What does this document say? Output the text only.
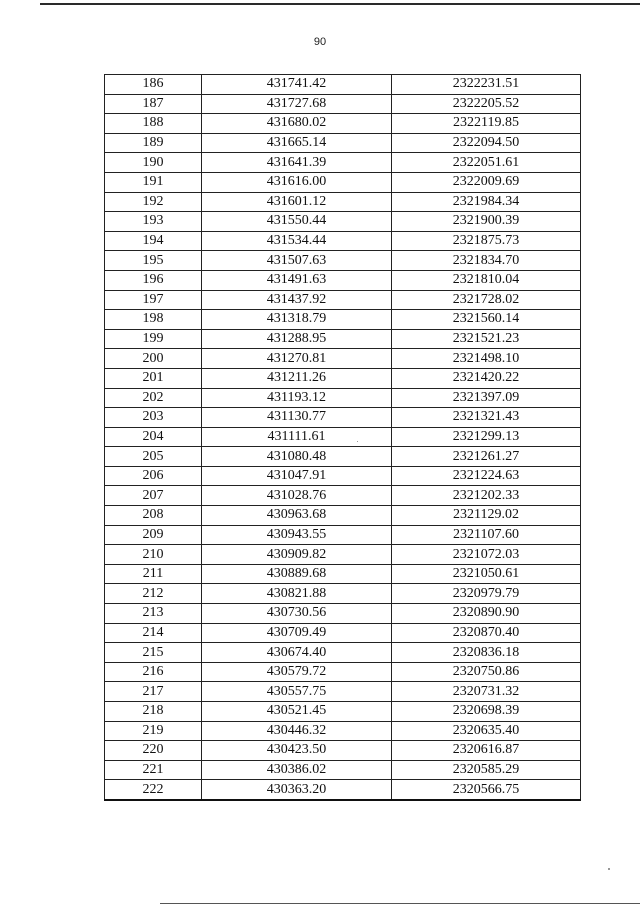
90
186	431741.42	2322231.51
187	431727.68	2322205.52
188	431680.02	2322119.85
189	431665.14	2322094.50
190	431641.39	2322051.61
191	431616.00	2322009.69
192	431601.12	2321984.34
193	431550.44	2321900.39
194	431534.44	2321875.73
195	431507.63	2321834.70
196	431491.63	2321810.04
197	431437.92	2321728.02
198	431318.79	2321560.14
199	431288.95	2321521.23
200	431270.81	2321498.10
201	431211.26	2321420.22
202	431193.12	2321397.09
203	431130.77	2321321.43
204	431111.61	2321299.13
205	431080.48	2321261.27
206	431047.91	2321224.63
207	431028.76	2321202.33
208	430963.68	2321129.02
209	430943.55	2321107.60
210	430909.82	2321072.03
211	430889.68	2321050.61
212	430821.88	2320979.79
213	430730.56	2320890.90
214	430709.49	2320870.40
215	430674.40	2320836.18
216	430579.72	2320750.86
217	430557.75	2320731.32
218	430521.45	2320698.39
219	430446.32	2320635.40
220	430423.50	2320616.87
221	430386.02	2320585.29
222	430363.20	2320566.75
